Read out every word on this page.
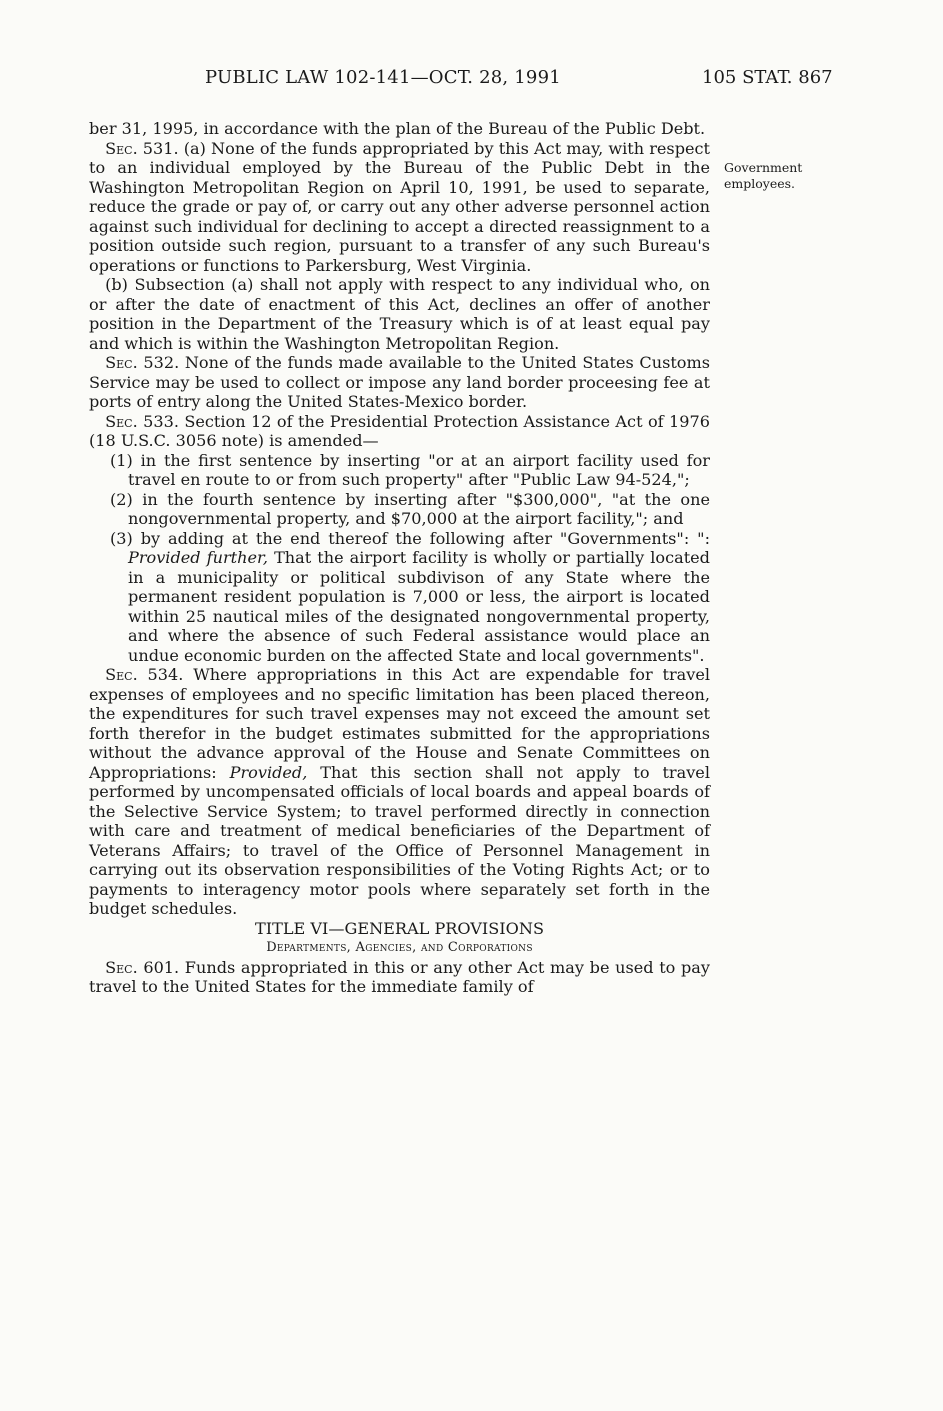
PUBLIC LAW 102-141—OCT. 28, 1991	105 STAT. 867
Government
employees.

ber 31, 1995, in accordance with the plan of the Bureau of the Public Debt.

 Sec. 531. (a) None of the funds appropriated by this Act may, with respect to an individual employed by the Bureau of the Public Debt in the Washington Metropolitan Region on April 10, 1991, be used to separate, reduce the grade or pay of, or carry out any other adverse personnel action against such individual for declining to accept a directed reassignment to a position outside such region, pursuant to a transfer of any such Bureau's operations or functions to Parkersburg, West Virginia.

 (b) Subsection (a) shall not apply with respect to any individual who, on or after the date of enactment of this Act, declines an offer of another position in the Department of the Treasury which is of at least equal pay and which is within the Washington Metropolitan Region.

 Sec. 532. None of the funds made available to the United States Customs Service may be used to collect or impose any land border proceesing fee at ports of entry along the United States-Mexico border.

 Sec. 533. Section 12 of the Presidential Protection Assistance Act of 1976 (18 U.S.C. 3056 note) is amended—

(1) in the first sentence by inserting "or at an airport facility used for travel en route to or from such property" after "Public Law 94-524,";

(2) in the fourth sentence by inserting after "$300,000", "at the one nongovernmental property, and $70,000 at the airport facility,"; and

(3) by adding at the end thereof the following after "Governments": ": Provided further, That the airport facility is wholly or partially located in a municipality or political subdivison of any State where the permanent resident population is 7,000 or less, the airport is located within 25 nautical miles of the designated nongovernmental property, and where the absence of such Federal assistance would place an undue economic burden on the affected State and local governments".

 Sec. 534. Where appropriations in this Act are expendable for travel expenses of employees and no specific limitation has been placed thereon, the expenditures for such travel expenses may not exceed the amount set forth therefor in the budget estimates submitted for the appropriations without the advance approval of the House and Senate Committees on Appropriations: Provided, That this section shall not apply to travel performed by uncompensated officials of local boards and appeal boards of the Selective Service System; to travel performed directly in connection with care and treatment of medical beneficiaries of the Department of Veterans Affairs; to travel of the Office of Personnel Management in carrying out its observation responsibilities of the Voting Rights Act; or to payments to interagency motor pools where separately set forth in the budget schedules.

TITLE VI—GENERAL PROVISIONS

Departments, Agencies, and Corporations

 Sec. 601. Funds appropriated in this or any other Act may be used to pay travel to the United States for the immediate family of
